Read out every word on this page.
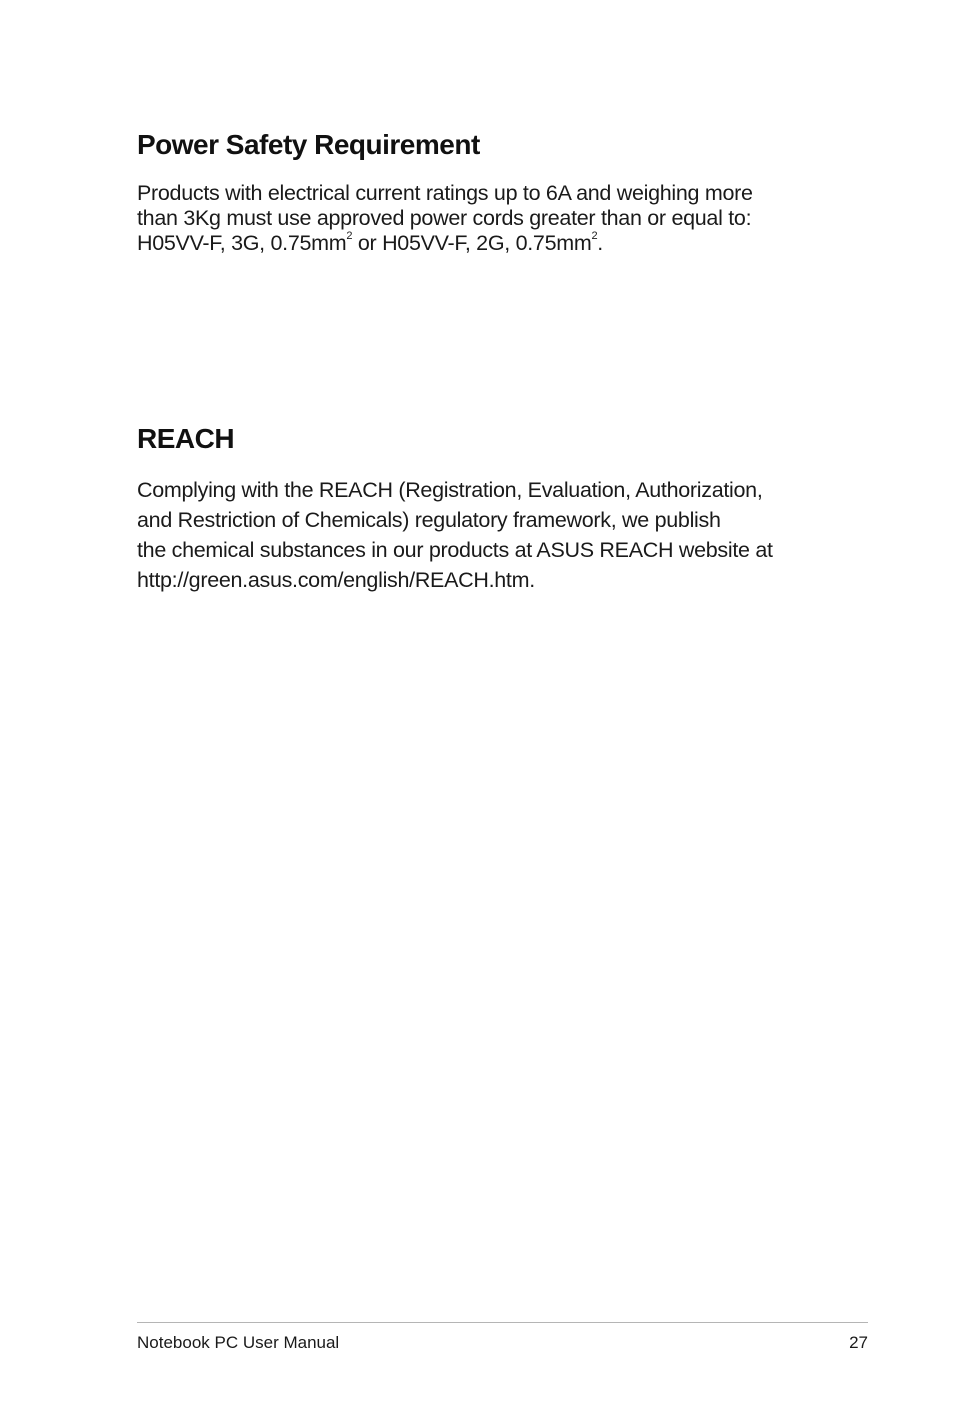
Power Safety Requirement

Products with electrical current ratings up to 6A and weighing more
than 3Kg must use approved power cords greater than or equal to:
H05VV-F, 3G, $0.75mm^2$ or H05VV-F, 2G, $0.75mm^2$.

REACH

Complying with the REACH (Registration, Evaluation, Authorization,
and Restriction of Chemicals) regulatory framework, we publish
the chemical substances in our products at ASUS REACH website at
http://green.asus.com/english/REACH.htm.

Notebook PC User Manual	27
